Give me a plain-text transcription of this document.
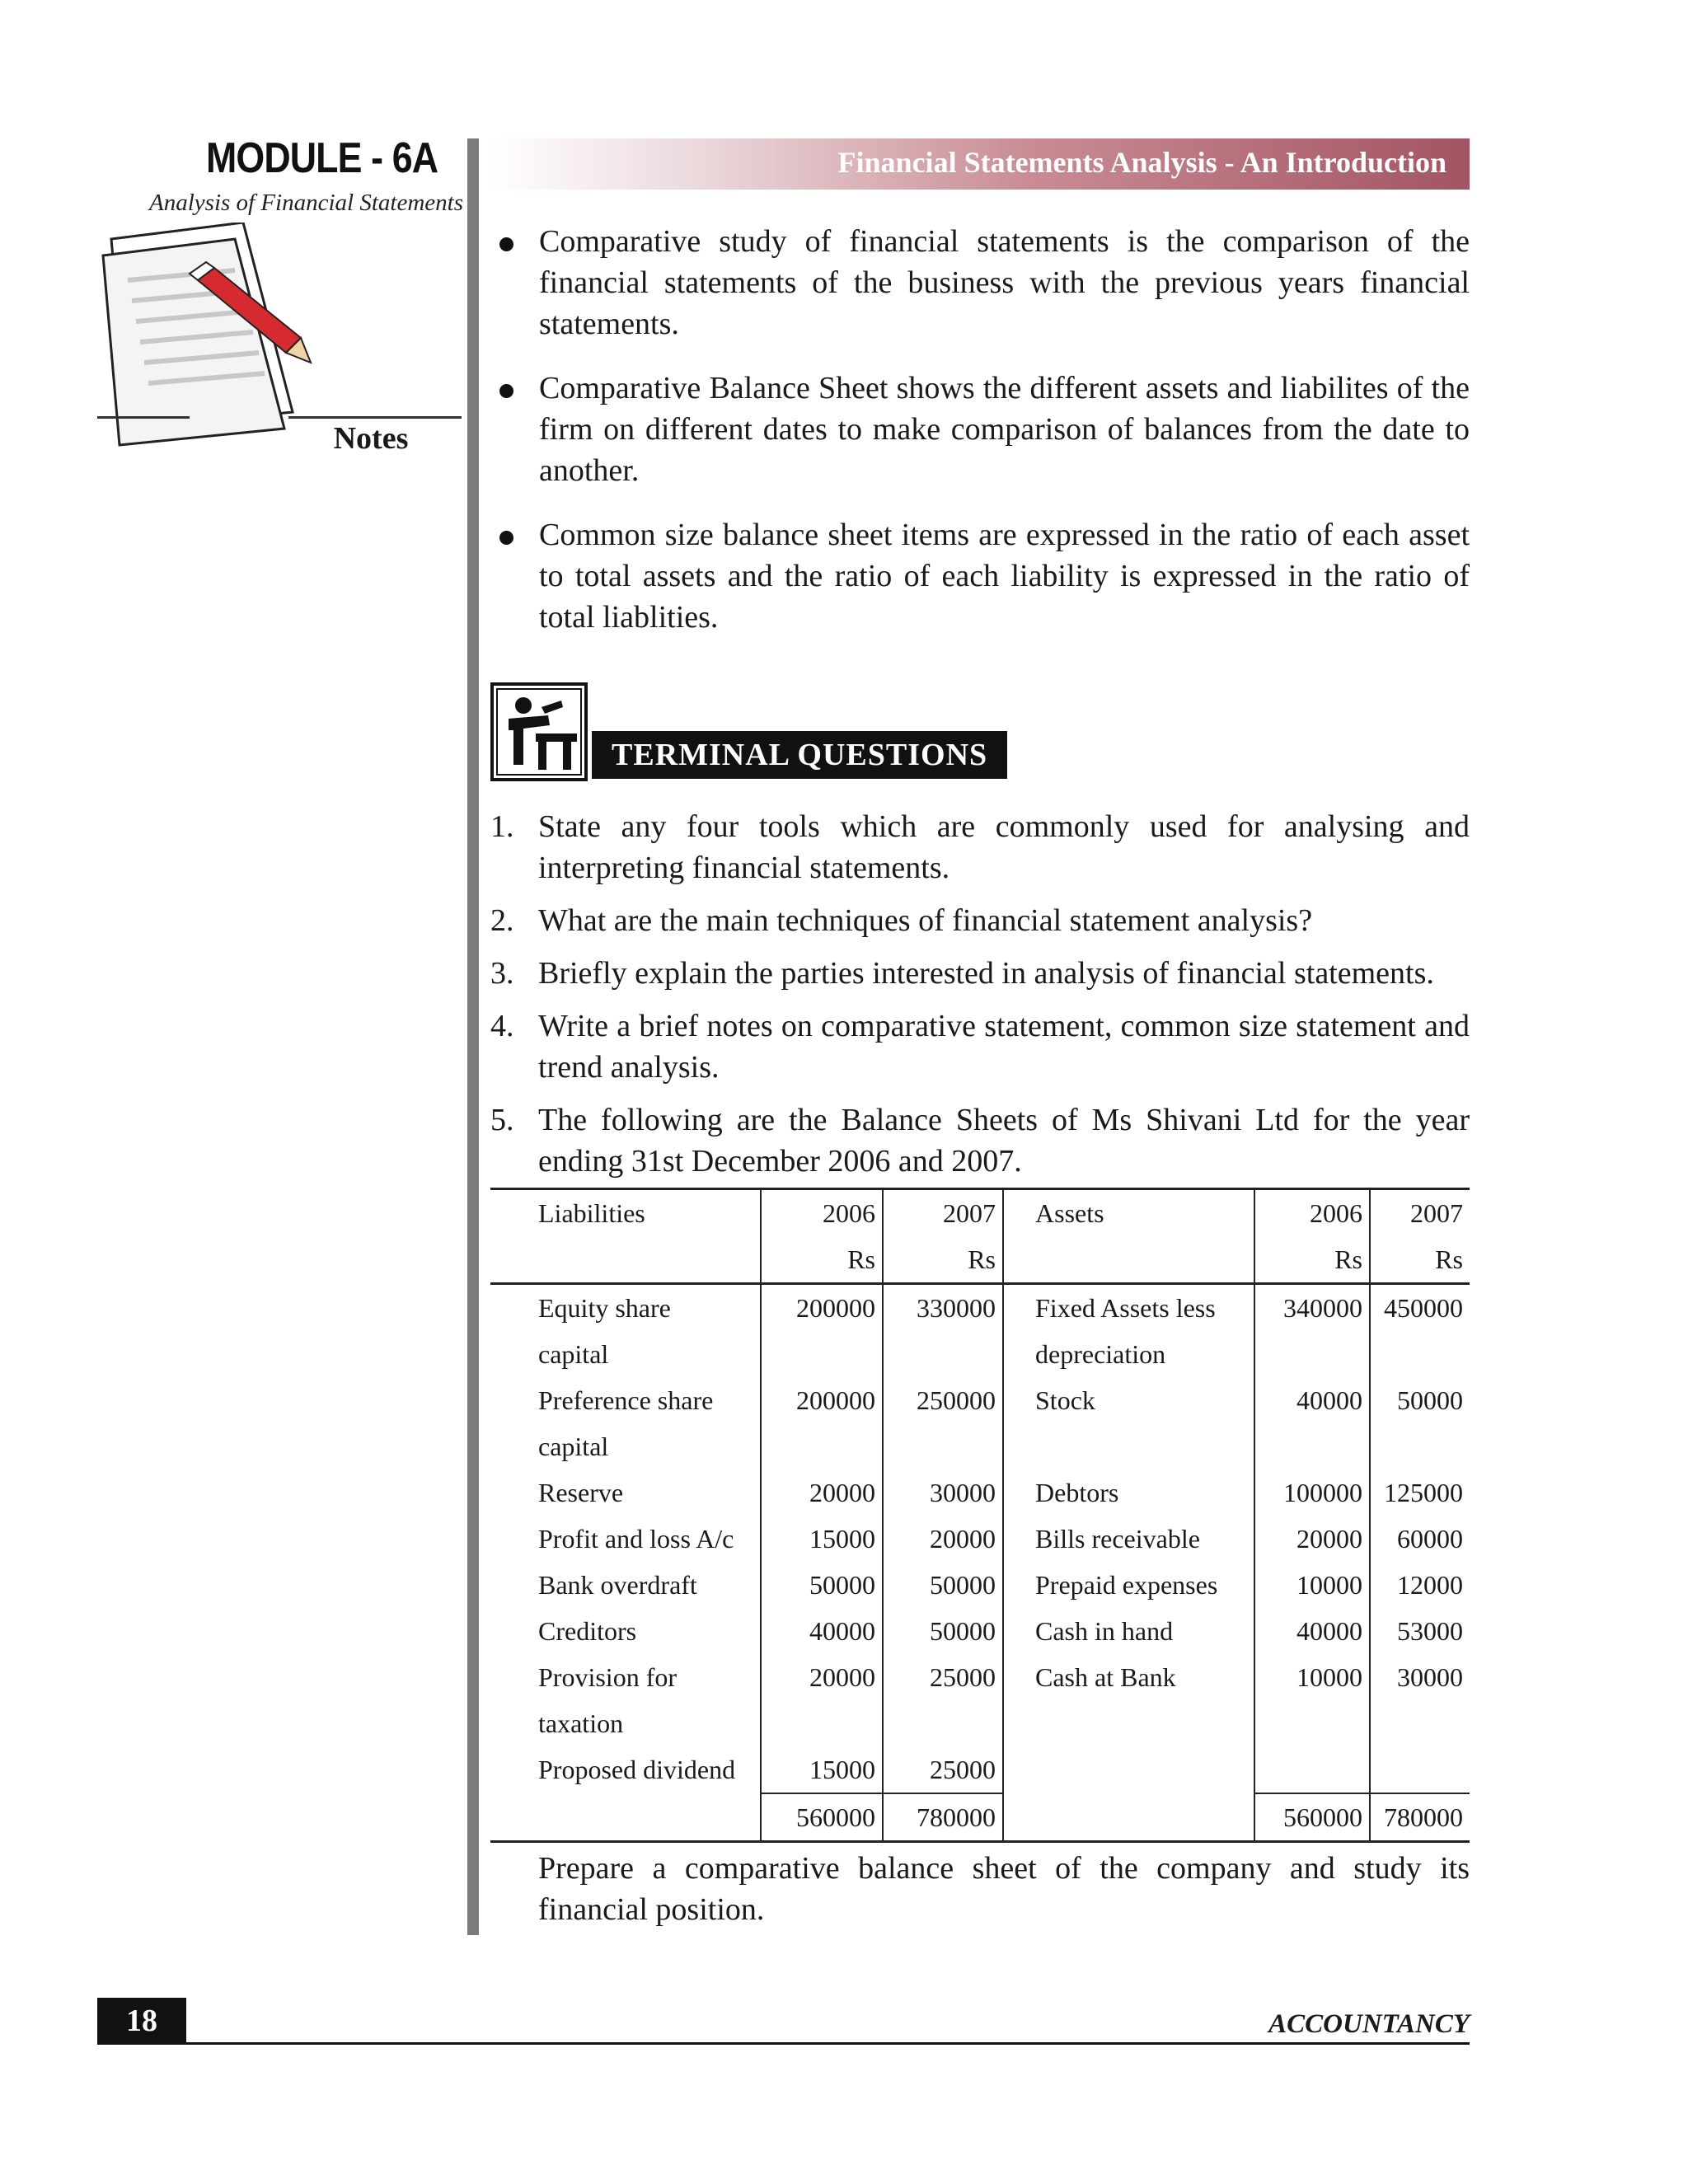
MODULE - 6A
Analysis of Financial Statements
Notes
Financial Statements Analysis - An Introduction
Comparative study of financial statements is the comparison of the financial statements of the business with the previous years financial statements.
Comparative Balance Sheet shows the different assets and liabilites of the firm on different dates to make comparison of balances from the date to another.
Common size balance sheet items are expressed in the ratio of each asset to total assets and the ratio of each liability is expressed in the ratio of total liablities.
TERMINAL QUESTIONS
1. State any four tools which are commonly used for analysing and interpreting financial statements.
2. What are the main techniques of financial statement analysis?
3. Briefly explain the parties interested in analysis of financial statements.
4. Write a brief notes on comparative statement, common size statement and trend analysis.
5. The following are the Balance Sheets of Ms Shivani Ltd for the year ending 31st December 2006 and 2007.
Liabilities	2006	2007	Assets	2006	2007
	Rs	Rs		Rs	Rs
Equity share	200000	330000	Fixed Assets less	340000	450000
capital			depreciation		
Preference share	200000	250000	Stock	40000	50000
capital					
Reserve	20000	30000	Debtors	100000	125000
Profit and loss A/c	15000	20000	Bills receivable	20000	60000
Bank overdraft	50000	50000	Prepaid expenses	10000	12000
Creditors	40000	50000	Cash in hand	40000	53000
Provision for	20000	25000	Cash at Bank	10000	30000
taxation					
Proposed dividend	15000	25000			
	560000	780000		560000	780000
Prepare a comparative balance sheet of the company and study its financial position.
18	ACCOUNTANCY
